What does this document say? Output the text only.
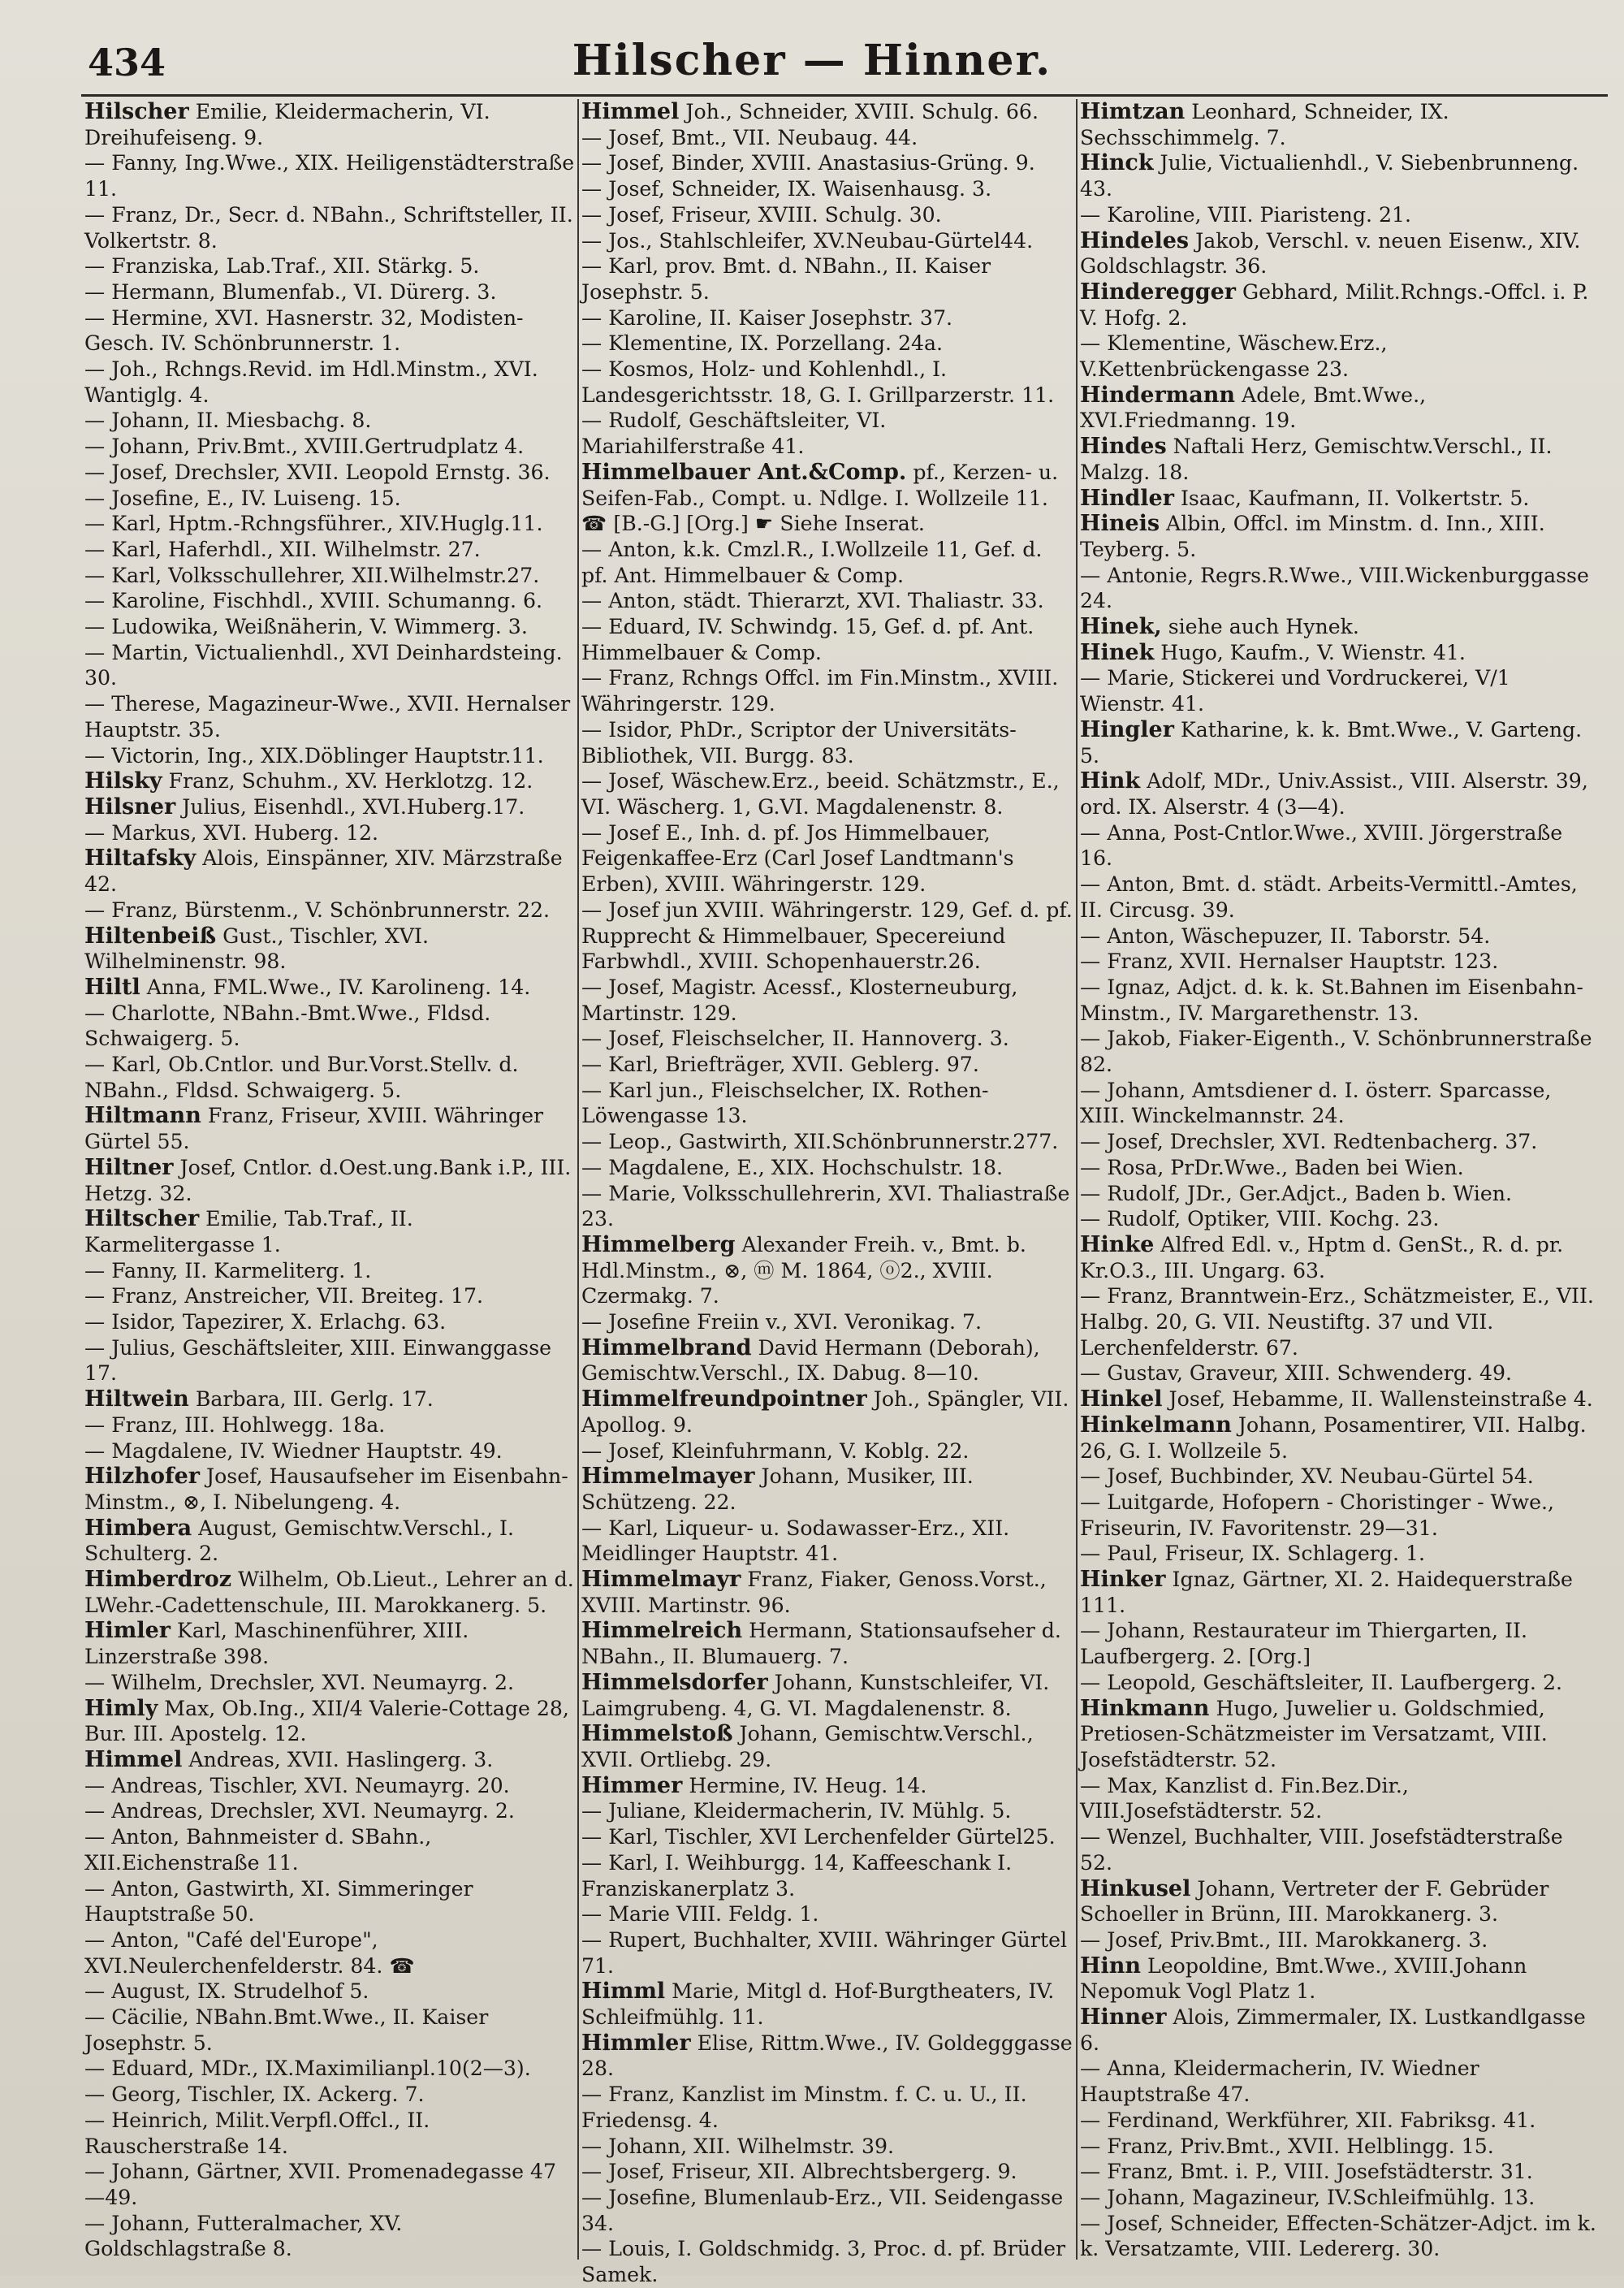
434	Hilscher — Hinner.

Hilscher Emilie, Kleidermacherin, VI. Dreihufeiseng. 9.

— Fanny, Ing.Wwe., XIX. Heiligenstädterstraße 11.

— Franz, Dr., Secr. d. NBahn., Schriftsteller, II. Volkertstr. 8.

— Franziska, Lab.Traf., XII. Stärkg. 5.

— Hermann, Blumenfab., VI. Dürerg. 3.

— Hermine, XVI. Hasnerstr. 32, Modisten-Gesch. IV. Schönbrunnerstr. 1.

— Joh., Rchngs.Revid. im Hdl.Minstm., XVI. Wantiglg. 4.

— Johann, II. Miesbachg. 8.

— Johann, Priv.Bmt., XVIII.Gertrudplatz 4.

— Josef, Drechsler, XVII. Leopold Ernstg. 36.

— Josefine, E., IV. Luiseng. 15.

— Karl, Hptm.-Rchngsführer., XIV.Huglg.11.

— Karl, Haferhdl., XII. Wilhelmstr. 27.

— Karl, Volksschullehrer, XII.Wilhelmstr.27.

— Karoline, Fischhdl., XVIII. Schumanng. 6.

— Ludowika, Weißnäherin, V. Wimmerg. 3.

— Martin, Victualienhdl., XVI Deinhardsteing. 30.

— Therese, Magazineur-Wwe., XVII. Hernalser Hauptstr. 35.

— Victorin, Ing., XIX.Döblinger Hauptstr.11.

Hilsky Franz, Schuhm., XV. Herklotzg. 12.

Hilsner Julius, Eisenhdl., XVI.Huberg.17.

— Markus, XVI. Huberg. 12.

Hiltafsky Alois, Einspänner, XIV. Märzstraße 42.

— Franz, Bürstenm., V. Schönbrunnerstr. 22.

Hiltenbeiß Gust., Tischler, XVI. Wilhelminenstr. 98.

Hiltl Anna, FML.Wwe., IV. Karolineng. 14.

— Charlotte, NBahn.-Bmt.Wwe., Fldsd. Schwaigerg. 5.

— Karl, Ob.Cntlor. und Bur.Vorst.Stellv. d. NBahn., Fldsd. Schwaigerg. 5.

Hiltmann Franz, Friseur, XVIII. Währinger Gürtel 55.

Hiltner Josef, Cntlor. d.Oest.ung.Bank i.P., III. Hetzg. 32.

Hiltscher Emilie, Tab.Traf., II. Karmelitergasse 1.

— Fanny, II. Karmeliterg. 1.

— Franz, Anstreicher, VII. Breiteg. 17.

— Isidor, Tapezirer, X. Erlachg. 63.

— Julius, Geschäftsleiter, XIII. Einwanggasse 17.

Hiltwein Barbara, III. Gerlg. 17.

— Franz, III. Hohlwegg. 18a.

— Magdalene, IV. Wiedner Hauptstr. 49.

Hilzhofer Josef, Hausaufseher im Eisenbahn-Minstm., ⊗, I. Nibelungeng. 4.

Himbera August, Gemischtw.Verschl., I. Schulterg. 2.

Himberdroz Wilhelm, Ob.Lieut., Lehrer an d. LWehr.-Cadettenschule, III. Marokkanerg. 5.

Himler Karl, Maschinenführer, XIII. Linzerstraße 398.

— Wilhelm, Drechsler, XVI. Neumayrg. 2.

Himly Max, Ob.Ing., XII/4 Valerie-Cottage 28, Bur. III. Apostelg. 12.

Himmel Andreas, XVII. Haslingerg. 3.

— Andreas, Tischler, XVI. Neumayrg. 20.

— Andreas, Drechsler, XVI. Neumayrg. 2.

— Anton, Bahnmeister d. SBahn., XII.Eichenstraße 11.

— Anton, Gastwirth, XI. Simmeringer Hauptstraße 50.

— Anton, "Café del'Europe", XVI.Neulerchenfelderstr. 84. ☎

— August, IX. Strudelhof 5.

— Cäcilie, NBahn.Bmt.Wwe., II. Kaiser Josephstr. 5.

— Eduard, MDr., IX.Maximilianpl.10(2—3).

— Georg, Tischler, IX. Ackerg. 7.

— Heinrich, Milit.Verpfl.Offcl., II. Rauscherstraße 14.

— Johann, Gärtner, XVII. Promenadegasse 47—49.

— Johann, Futteralmacher, XV. Goldschlagstraße 8.

Himmel Joh., Schneider, XVIII. Schulg. 66.

— Josef, Bmt., VII. Neubaug. 44.

— Josef, Binder, XVIII. Anastasius-Grüng. 9.

— Josef, Schneider, IX. Waisenhausg. 3.

— Josef, Friseur, XVIII. Schulg. 30.

— Jos., Stahlschleifer, XV.Neubau-Gürtel44.

— Karl, prov. Bmt. d. NBahn., II. Kaiser Josephstr. 5.

— Karoline, II. Kaiser Josephstr. 37.

— Klementine, IX. Porzellang. 24a.

— Kosmos, Holz- und Kohlenhdl., I. Landesgerichtsstr. 18, G. I. Grillparzerstr. 11.

— Rudolf, Geschäftsleiter, VI. Mariahilferstraße 41.

Himmelbauer Ant.&Comp. pf., Kerzen- u. Seifen-Fab., Compt. u. Ndlge. I. Wollzeile 11. ☎ [B.-G.] [Org.] ☛ Siehe Inserat.

— Anton, k.k. Cmzl.R., I.Wollzeile 11, Gef. d. pf. Ant. Himmelbauer & Comp.

— Anton, städt. Thierarzt, XVI. Thaliastr. 33.

— Eduard, IV. Schwindg. 15, Gef. d. pf. Ant. Himmelbauer & Comp.

— Franz, Rchngs Offcl. im Fin.Minstm., XVIII. Währingerstr. 129.

— Isidor, PhDr., Scriptor der Universitäts-Bibliothek, VII. Burgg. 83.

— Josef, Wäschew.Erz., beeid. Schätzmstr., E., VI. Wäscherg. 1, G.VI. Magdalenenstr. 8.

— Josef E., Inh. d. pf. Jos Himmelbauer, Feigenkaffee-Erz (Carl Josef Landtmann's Erben), XVIII. Währingerstr. 129.

— Josef jun XVIII. Währingerstr. 129, Gef. d. pf. Rupprecht & Himmelbauer, Specereiund Farbwhdl., XVIII. Schopenhauerstr.26.

— Josef, Magistr. Acessf., Klosterneuburg, Martinstr. 129.

— Josef, Fleischselcher, II. Hannoverg. 3.

— Karl, Briefträger, XVII. Geblerg. 97.

— Karl jun., Fleischselcher, IX. Rothen-Löwengasse 13.

— Leop., Gastwirth, XII.Schönbrunnerstr.277.

— Magdalene, E., XIX. Hochschulstr. 18.

— Marie, Volksschullehrerin, XVI. Thaliastraße 23.

Himmelberg Alexander Freih. v., Bmt. b. Hdl.Minstm., ⊗, ⓜ M. 1864, ⓞ2., XVIII. Czermakg. 7.

— Josefine Freiin v., XVI. Veronikag. 7.

Himmelbrand David Hermann (Deborah), Gemischtw.Verschl., IX. Dabug. 8—10.

Himmelfreundpointner Joh., Spängler, VII. Apollog. 9.

— Josef, Kleinfuhrmann, V. Koblg. 22.

Himmelmayer Johann, Musiker, III. Schützeng. 22.

— Karl, Liqueur- u. Sodawasser-Erz., XII. Meidlinger Hauptstr. 41.

Himmelmayr Franz, Fiaker, Genoss.Vorst., XVIII. Martinstr. 96.

Himmelreich Hermann, Stationsaufseher d. NBahn., II. Blumauerg. 7.

Himmelsdorfer Johann, Kunstschleifer, VI. Laimgrubeng. 4, G. VI. Magdalenenstr. 8.

Himmelstoß Johann, Gemischtw.Verschl., XVII. Ortliebg. 29.

Himmer Hermine, IV. Heug. 14.

— Juliane, Kleidermacherin, IV. Mühlg. 5.

— Karl, Tischler, XVI Lerchenfelder Gürtel25.

— Karl, I. Weihburgg. 14, Kaffeeschank I. Franziskanerplatz 3.

— Marie VIII. Feldg. 1.

— Rupert, Buchhalter, XVIII. Währinger Gürtel 71.

Himml Marie, Mitgl d. Hof-Burgtheaters, IV. Schleifmühlg. 11.

Himmler Elise, Rittm.Wwe., IV. Goldegggasse 28.

— Franz, Kanzlist im Minstm. f. C. u. U., II. Friedensg. 4.

— Johann, XII. Wilhelmstr. 39.

— Josef, Friseur, XII. Albrechtsbergerg. 9.

— Josefine, Blumenlaub-Erz., VII. Seidengasse 34.

— Louis, I. Goldschmidg. 3, Proc. d. pf. Brüder Samek.

Himtzan Leonhard, Schneider, IX. Sechsschimmelg. 7.

Hinck Julie, Victualienhdl., V. Siebenbrunneng. 43.

— Karoline, VIII. Piaristeng. 21.

Hindeles Jakob, Verschl. v. neuen Eisenw., XIV. Goldschlagstr. 36.

Hinderegger Gebhard, Milit.Rchngs.-Offcl. i. P. V. Hofg. 2.

— Klementine, Wäschew.Erz., V.Kettenbrückengasse 23.

Hindermann Adele, Bmt.Wwe., XVI.Friedmanng. 19.

Hindes Naftali Herz, Gemischtw.Verschl., II. Malzg. 18.

Hindler Isaac, Kaufmann, II. Volkertstr. 5.

Hineis Albin, Offcl. im Minstm. d. Inn., XIII. Teyberg. 5.

— Antonie, Regrs.R.Wwe., VIII.Wickenburggasse 24.

Hinek, siehe auch Hynek.

Hinek Hugo, Kaufm., V. Wienstr. 41.

— Marie, Stickerei und Vordruckerei, V/1 Wienstr. 41.

Hingler Katharine, k. k. Bmt.Wwe., V. Garteng. 5.

Hink Adolf, MDr., Univ.Assist., VIII. Alserstr. 39, ord. IX. Alserstr. 4 (3—4).

— Anna, Post-Cntlor.Wwe., XVIII. Jörgerstraße 16.

— Anton, Bmt. d. städt. Arbeits-Vermittl.-Amtes, II. Circusg. 39.

— Anton, Wäschepuzer, II. Taborstr. 54.

— Franz, XVII. Hernalser Hauptstr. 123.

— Ignaz, Adjct. d. k. k. St.Bahnen im Eisenbahn-Minstm., IV. Margarethenstr. 13.

— Jakob, Fiaker-Eigenth., V. Schönbrunnerstraße 82.

— Johann, Amtsdiener d. I. österr. Sparcasse, XIII. Winckelmannstr. 24.

— Josef, Drechsler, XVI. Redtenbacherg. 37.

— Rosa, PrDr.Wwe., Baden bei Wien.

— Rudolf, JDr., Ger.Adjct., Baden b. Wien.

— Rudolf, Optiker, VIII. Kochg. 23.

Hinke Alfred Edl. v., Hptm d. GenSt., R. d. pr. Kr.O.3., III. Ungarg. 63.

— Franz, Branntwein-Erz., Schätzmeister, E., VII. Halbg. 20, G. VII. Neustiftg. 37 und VII. Lerchenfelderstr. 67.

— Gustav, Graveur, XIII. Schwenderg. 49.

Hinkel Josef, Hebamme, II. Wallensteinstraße 4.

Hinkelmann Johann, Posamentirer, VII. Halbg. 26, G. I. Wollzeile 5.

— Josef, Buchbinder, XV. Neubau-Gürtel 54.

— Luitgarde, Hofopern - Choristinger - Wwe., Friseurin, IV. Favoritenstr. 29—31.

— Paul, Friseur, IX. Schlagerg. 1.

Hinker Ignaz, Gärtner, XI. 2. Haidequerstraße 111.

— Johann, Restaurateur im Thiergarten, II. Laufbergerg. 2. [Org.]

— Leopold, Geschäftsleiter, II. Laufbergerg. 2.

Hinkmann Hugo, Juwelier u. Goldschmied, Pretiosen-Schätzmeister im Versatzamt, VIII. Josefstädterstr. 52.

— Max, Kanzlist d. Fin.Bez.Dir., VIII.Josefstädterstr. 52.

— Wenzel, Buchhalter, VIII. Josefstädterstraße 52.

Hinkusel Johann, Vertreter der F. Gebrüder Schoeller in Brünn, III. Marokkanerg. 3.

— Josef, Priv.Bmt., III. Marokkanerg. 3.

Hinn Leopoldine, Bmt.Wwe., XVIII.Johann Nepomuk Vogl Platz 1.

Hinner Alois, Zimmermaler, IX. Lustkandlgasse 6.

— Anna, Kleidermacherin, IV. Wiedner Hauptstraße 47.

— Ferdinand, Werkführer, XII. Fabriksg. 41.

— Franz, Priv.Bmt., XVII. Helblingg. 15.

— Franz, Bmt. i. P., VIII. Josefstädterstr. 31.

— Johann, Magazineur, IV.Schleifmühlg. 13.

— Josef, Schneider, Effecten-Schätzer-Adjct. im k. k. Versatzamte, VIII. Ledererg. 30.
